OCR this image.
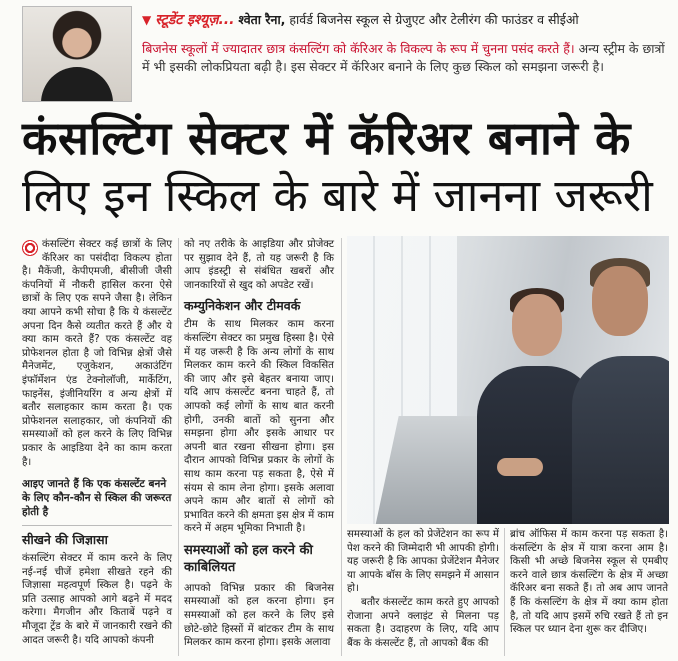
▼ स्टूडेंट इश्यूज़... श्वेता रैना, हार्वर्ड बिजनेस स्कूल से ग्रेजुएट और टेलीरंग की फाउंडर व सीईओ
बिजनेस स्कूलों में ज्यादातर छात्र कंसल्टिंग को कॅरिअर के विकल्प के रूप में चुनना पसंद करते हैं। अन्य स्ट्रीम के छात्रों में भी इसकी लोकप्रियता बढ़ी है। इस सेक्टर में कॅरिअर बनाने के लिए कुछ स्किल को समझना जरूरी है।
कंसल्टिंग सेक्टर में कॅरिअर बनाने के
लिए इन स्किल के बारे में जानना जरूरी
कंसल्टिंग सेक्टर कई छात्रों के लिए कॅरिअर का पसंदीदा विकल्प होता है। मैकेंजी, केपीएमजी, बीसीजी जैसी कंपनियों में नौकरी हासिल करना ऐसे छात्रों के लिए एक सपने जैसा है। लेकिन क्या आपने कभी सोचा है कि ये कंसल्टेंट अपना दिन कैसे व्यतीत करते हैं और ये क्या काम करते हैं? एक कंसल्टेंट वह प्रोफेशनल होता है जो विभिन्न क्षेत्रों जैसे मैनेजमेंट, एजुकेशन, अकाउंटिंग इंफॉर्मेशन एंड टेक्नोलॉजी, मार्केटिंग, फाइनेंस, इंजीनियरिंग व अन्य क्षेत्रों में बतौर सलाहकार काम करता है। एक प्रोफेशनल सलाहकार, जो कंपनियों की समस्याओं को हल करने के लिए विभिन्न प्रकार के आइडिया देने का काम करता है।
आइए जानते हैं कि एक कंसल्टेंट बनने के लिए कौन-कौन से स्किल की जरूरत होती है
सीखने की जिज्ञासा
कंसल्टिंग सेक्टर में काम करने के लिए नई-नई चीजें हमेशा सीखते रहने की जिज्ञासा महत्वपूर्ण स्किल है। पढ़ने के प्रति उत्साह आपको आगे बढ़ने में मदद करेगा। मैगजीन और किताबें पढ़ने व मौजूदा ट्रेंड के बारे में जानकारी रखने की आदत जरूरी है। यदि आपको कंपनी
को नए तरीके के आइडिया और प्रोजेक्ट पर सुझाव देने हैं, तो यह जरूरी है कि आप इंडस्ट्री से संबंधित खबरों और जानकारियों से खुद को अपडेट रखें।
कम्युनिकेशन और टीमवर्क
टीम के साथ मिलकर काम करना कंसल्टिंग सेक्टर का प्रमुख हिस्सा है। ऐसे में यह जरूरी है कि अन्य लोगों के साथ मिलकर काम करने की स्किल विकसित की जाए और इसे बेहतर बनाया जाए। यदि आप कंसल्टेंट बनना चाहते हैं, तो आपको कई लोगों के साथ बात करनी होगी, उनकी बातों को सुनना और समझना होगा और इसके आधार पर अपनी बात रखना सीखना होगा। इस दौरान आपको विभिन्न प्रकार के लोगों के साथ काम करना पड़ सकता है, ऐसे में संयम से काम लेना होगा। इसके अलावा अपने काम और बातों से लोगों को प्रभावित करने की क्षमता इस क्षेत्र में काम करने में अहम भूमिका निभाती है।
समस्याओं को हल करने की काबिलियत
आपको विभिन्न प्रकार की बिजनेस समस्याओं को हल करना होगा। इन समस्याओं को हल करने के लिए इसे छोटे-छोटे हिस्सों में बांटकर टीम के साथ मिलकर काम करना होगा। इसके अलावा
समस्याओं के हल को प्रेजेंटेशन का रूप में पेश करने की जिम्मेदारी भी आपकी होगी। यह जरूरी है कि आपका प्रेजेंटेशन मैनेजर या आपके बॉस के लिए समझने में आसान हो।
बतौर कंसल्टेंट काम करते हुए आपको रोजाना अपने क्लाइंट से मिलना पड़ सकता है। उदाहरण के लिए, यदि आप बैंक के कंसल्टेंट हैं, तो आपको बैंक की
ब्रांच ऑफिस में काम करना पड़ सकता है। कंसल्टिंग के क्षेत्र में यात्रा करना आम है। किसी भी अच्छे बिजनेस स्कूल से एमबीए करने वाले छात्र कंसल्टिंग के क्षेत्र में अच्छा कॅरिअर बना सकते हैं। तो अब आप जानते हैं कि कंसल्टिंग के क्षेत्र में क्या काम होता है, तो यदि आप इसमें रुचि रखते हैं तो इन स्किल पर ध्यान देना शुरू कर दीजिए।
